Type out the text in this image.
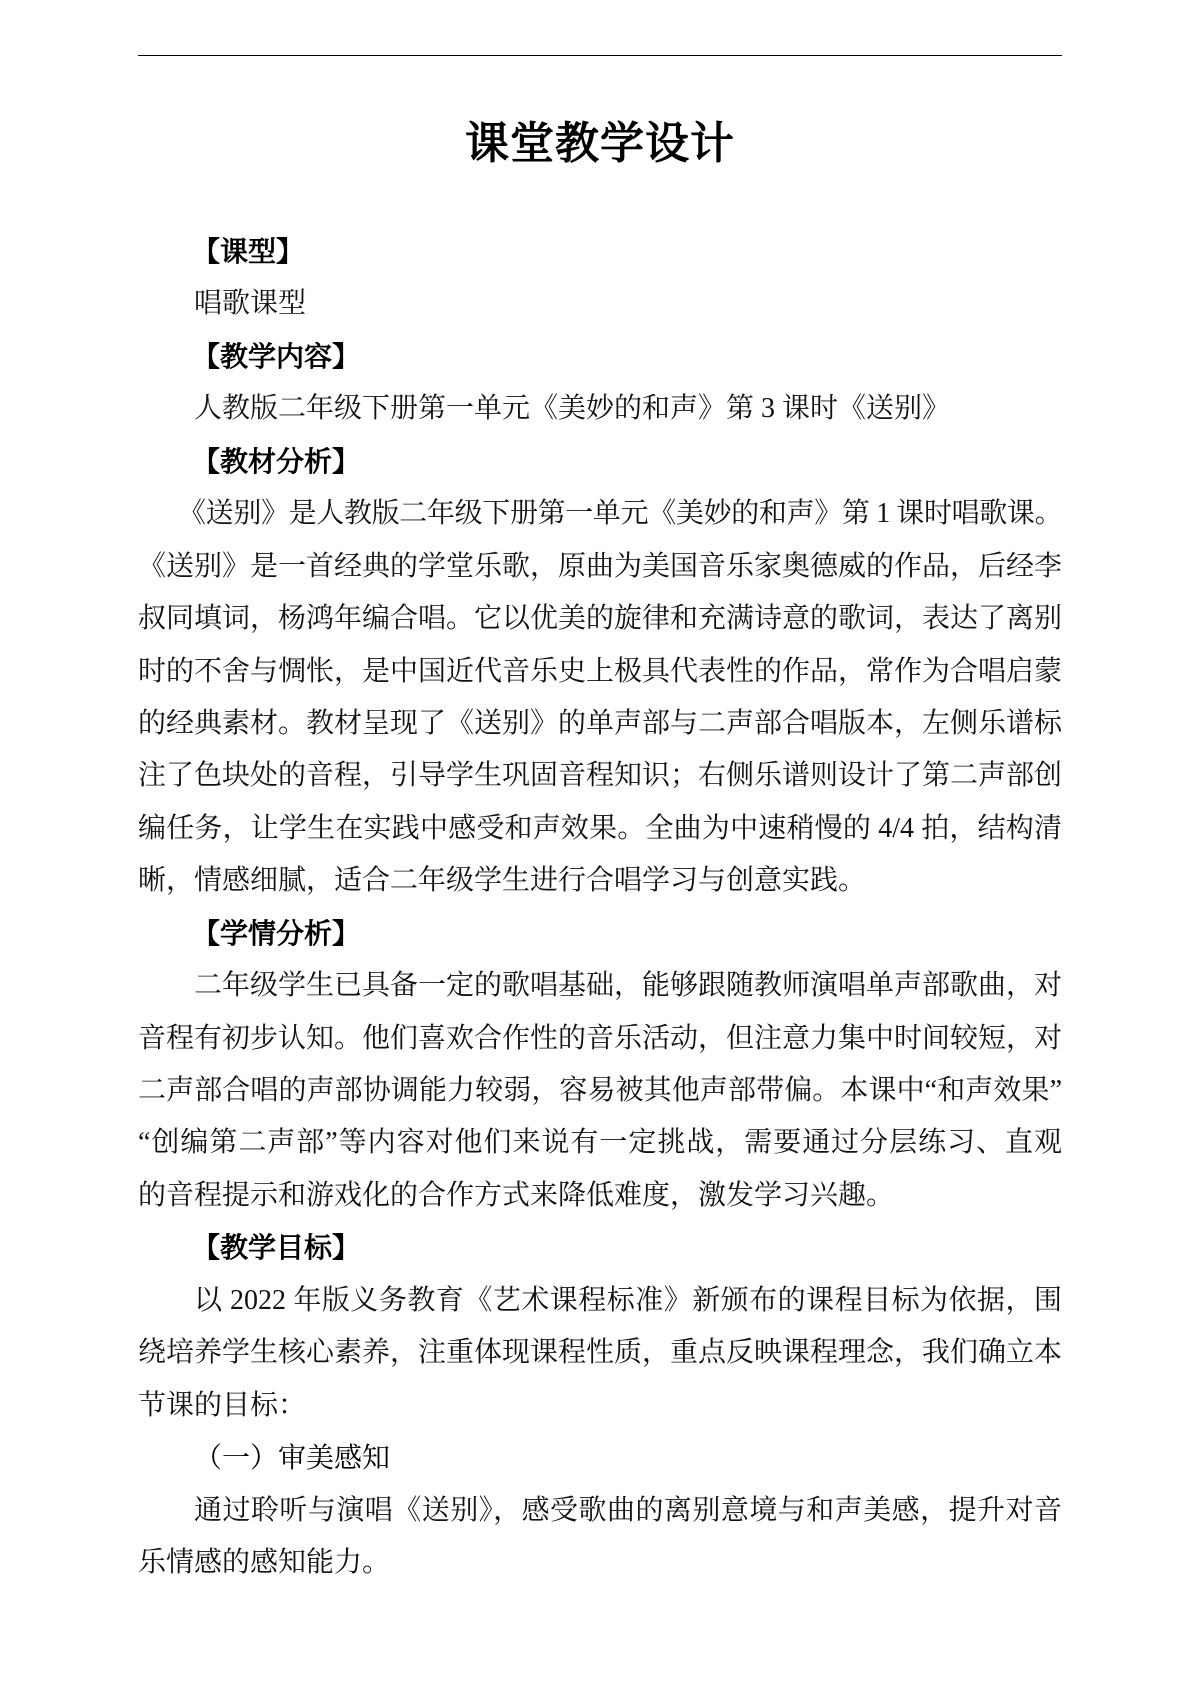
课堂教学设计
【课型】
唱歌课型
【教学内容】
人教版二年级下册第一单元《美妙的和声》第 3 课时《送别》
【教材分析】
《送别》是人教版二年级下册第一单元《美妙的和声》第 1 课时唱歌课。
《送别》是一首经典的学堂乐歌，原曲为美国音乐家奥德威的作品，后经李
叔同填词，杨鸿年编合唱。它以优美的旋律和充满诗意的歌词，表达了离别
时的不舍与惆怅，是中国近代音乐史上极具代表性的作品，常作为合唱启蒙
的经典素材。教材呈现了《送别》的单声部与二声部合唱版本，左侧乐谱标
注了色块处的音程，引导学生巩固音程知识；右侧乐谱则设计了第二声部创
编任务，让学生在实践中感受和声效果。全曲为中速稍慢的 4/4 拍，结构清
晰，情感细腻，适合二年级学生进行合唱学习与创意实践。
【学情分析】
二年级学生已具备一定的歌唱基础，能够跟随教师演唱单声部歌曲，对
音程有初步认知。他们喜欢合作性的音乐活动，但注意力集中时间较短，对
二声部合唱的声部协调能力较弱，容易被其他声部带偏。本课中“和声效果”
“创编第二声部”等内容对他们来说有一定挑战，需要通过分层练习、直观
的音程提示和游戏化的合作方式来降低难度，激发学习兴趣。
【教学目标】
以 2022 年版义务教育《艺术课程标准》新颁布的课程目标为依据，围
绕培养学生核心素养，注重体现课程性质，重点反映课程理念，我们确立本
节课的目标：
（一）审美感知
通过聆听与演唱《送别》，感受歌曲的离别意境与和声美感，提升对音
乐情感的感知能力。
